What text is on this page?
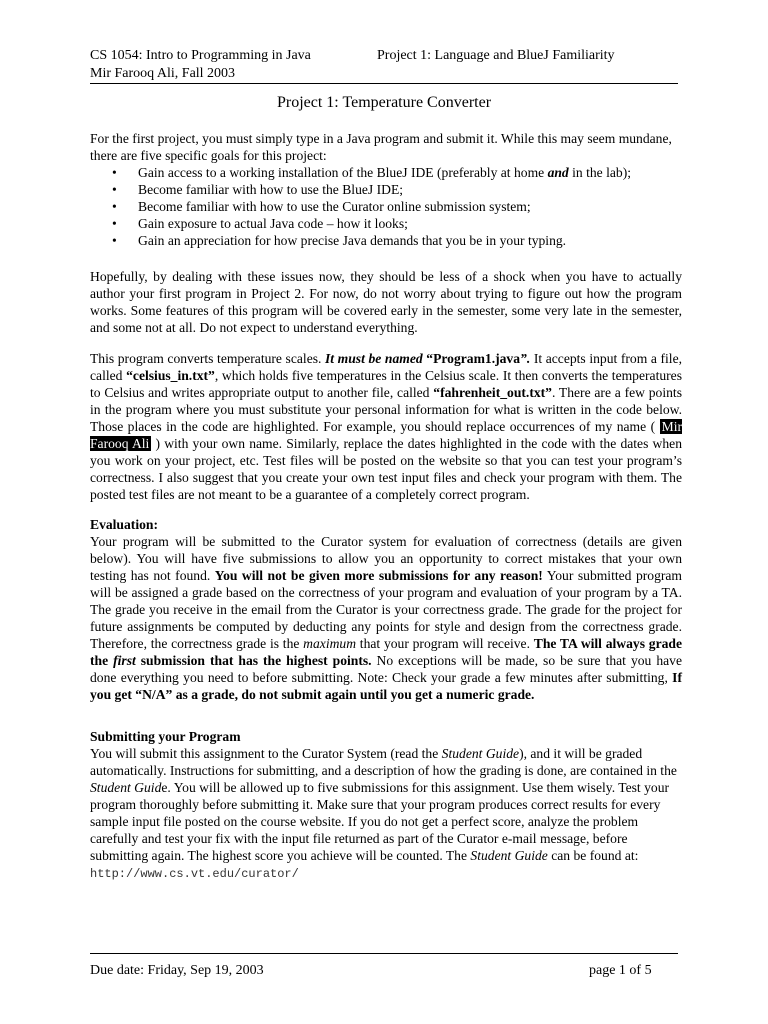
CS 1054: Intro to Programming in Java	Project 1: Language and BlueJ Familiarity
Mir Farooq Ali, Fall 2003
Project 1: Temperature Converter

For the first project, you must simply type in a Java program and submit it. While this may seem mundane, there are five specific goals for this project:

• Gain access to a working installation of the BlueJ IDE (preferably at home and in the lab);
• Become familiar with how to use the BlueJ IDE;
• Become familiar with how to use the Curator online submission system;
• Gain exposure to actual Java code – how it looks;
• Gain an appreciation for how precise Java demands that you be in your typing.
Hopefully, by dealing with these issues now, they should be less of a shock when you have to actually author your first program in Project 2. For now, do not worry about trying to figure out how the program works. Some features of this program will be covered early in the semester, some very late in the semester, and some not at all. Do not expect to understand everything.
This program converts temperature scales. It must be named “Program1.java”. It accepts input from a file, called “celsius_in.txt”, which holds five temperatures in the Celsius scale. It then converts the temperatures to Celsius and writes appropriate output to another file, called “fahrenheit_out.txt”. There are a few points in the program where you must substitute your personal information for what is written in the code below. Those places in the code are highlighted. For example, you should replace occurrences of my name ( Mir Farooq Ali ) with your own name. Similarly, replace the dates highlighted in the code with the dates when you work on your project, etc. Test files will be posted on the website so that you can test your program’s correctness. I also suggest that you create your own test input files and check your program with them. The posted test files are not meant to be a guarantee of a completely correct program.

Evaluation:

Your program will be submitted to the Curator system for evaluation of correctness (details are given below). You will have five submissions to allow you an opportunity to correct mistakes that your own testing has not found. You will not be given more submissions for any reason! Your submitted program will be assigned a grade based on the correctness of your program and evaluation of your program by a TA. The grade you receive in the email from the Curator is your correctness grade. The grade for the project for future assignments be computed by deducting any points for style and design from the correctness grade. Therefore, the correctness grade is the maximum that your program will receive. The TA will always grade the first submission that has the highest points. No exceptions will be made, so be sure that you have done everything you need to before submitting. Note: Check your grade a few minutes after submitting, If you get “N/A” as a grade, do not submit again until you get a numeric grade.

Submitting your Program

You will submit this assignment to the Curator System (read the Student Guide), and it will be graded automatically. Instructions for submitting, and a description of how the grading is done, are contained in the Student Guide. You will be allowed up to five submissions for this assignment. Use them wisely. Test your program thoroughly before submitting it. Make sure that your program produces correct results for every sample input file posted on the course website. If you do not get a perfect score, analyze the problem carefully and test your fix with the input file returned as part of the Curator e-mail message, before submitting again. The highest score you achieve will be counted. The Student Guide can be found at:

http://www.cs.vt.edu/curator/

Due date: Friday, Sep 19, 2003	page 1 of 5
